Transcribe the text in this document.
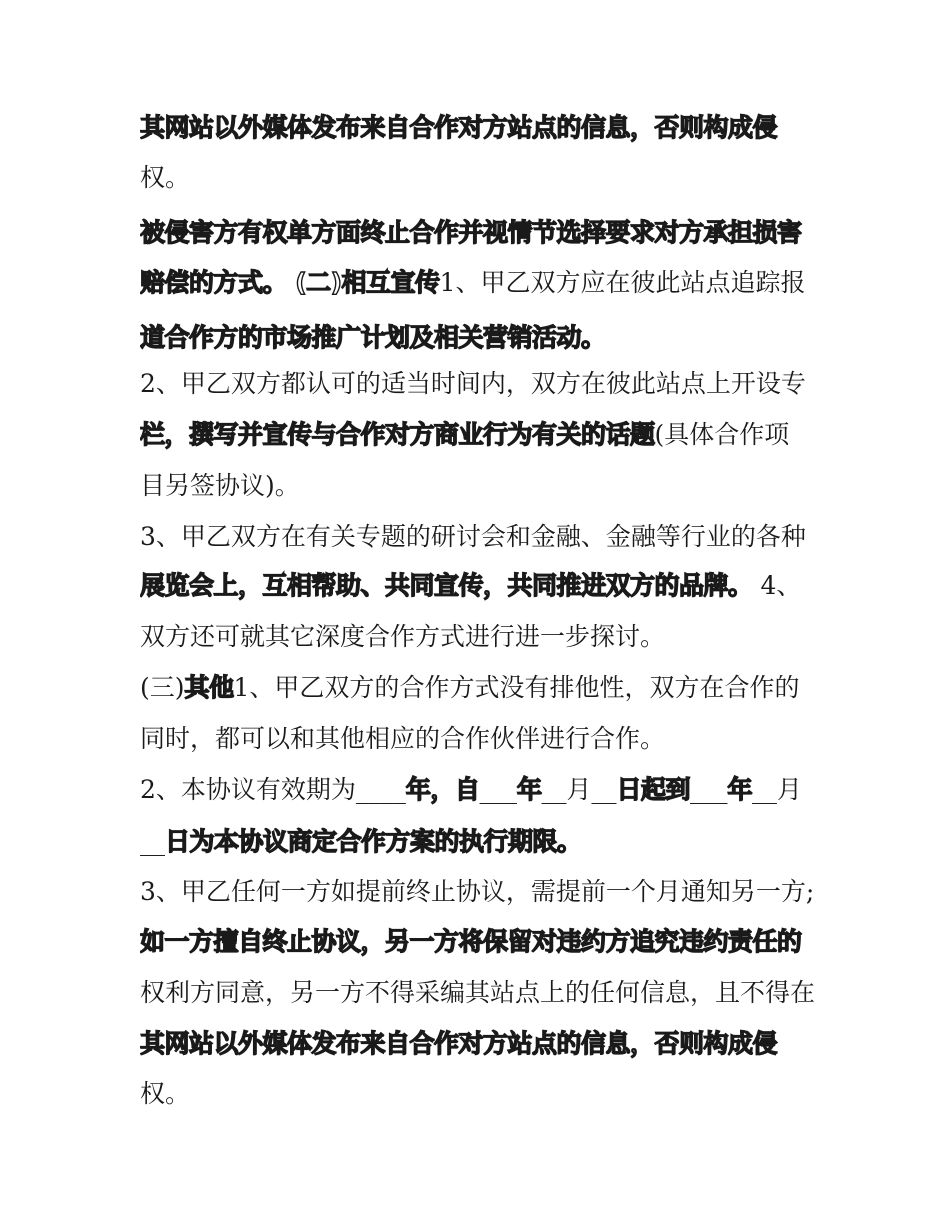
其网站以外媒体发布来自合作对方站点的信息，否则构成侵
权。
被侵害方有权单方面终止合作并视情节选择要求对方承担损害
赔偿的方式。 (二)相互宣传1、甲乙双方应在彼此站点追踪报
道合作方的市场推广计划及相关营销活动。
2、甲乙双方都认可的适当时间内，双方在彼此站点上开设专
栏，撰写并宣传与合作对方商业行为有关的话题(具体合作项
目另签协议)。
3、甲乙双方在有关专题的研讨会和金融、金融等行业的各种
展览会上，互相帮助、共同宣传，共同推进双方的品牌。 4、
双方还可就其它深度合作方式进行进一步探讨。
(三)其他1、甲乙双方的合作方式没有排他性，双方在合作的
同时，都可以和其他相应的合作伙伴进行合作。
2、本协议有效期为____年，自___年__月__日起到___年__月
__日为本协议商定合作方案的执行期限。
3、甲乙任何一方如提前终止协议，需提前一个月通知另一方;
如一方擅自终止协议，另一方将保留对违约方追究违约责任的
权利方同意，另一方不得采编其站点上的任何信息，且不得在
其网站以外媒体发布来自合作对方站点的信息，否则构成侵
权。
